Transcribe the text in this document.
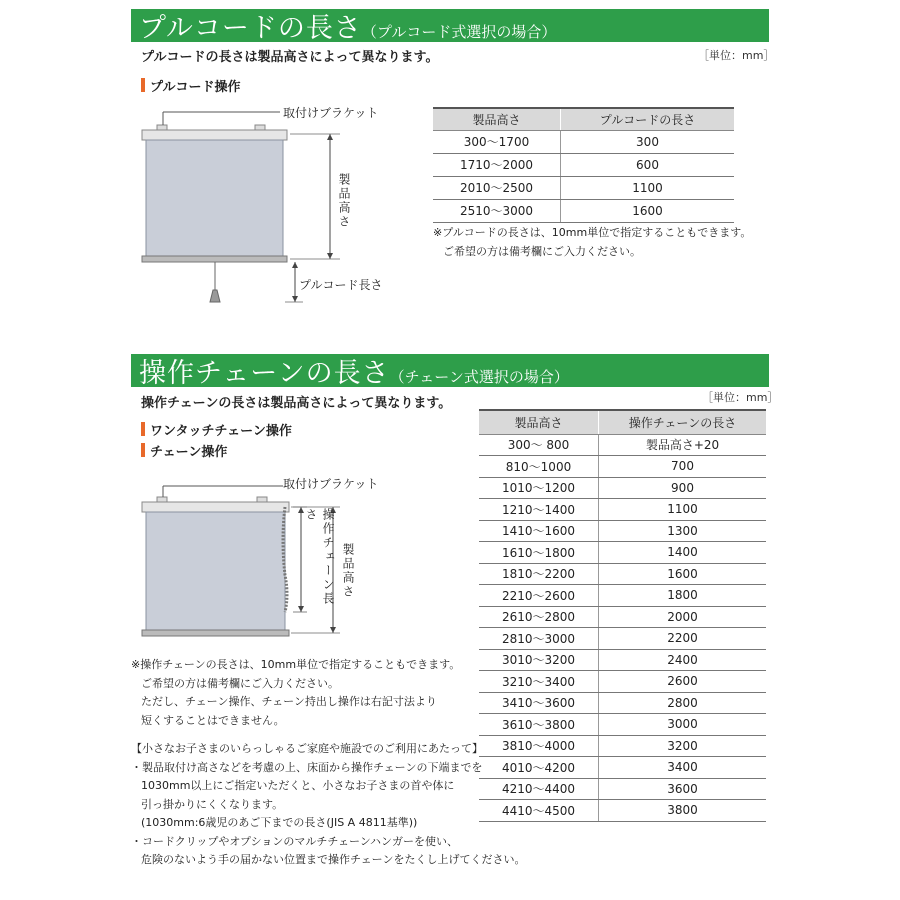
プルコードの長さ（プルコード式選択の場合）
プルコードの長さは製品高さによって異なります。	［単位：mm］
プルコード操作
取付けブラケット
製品高さ
プルコード長さ
製品高さ	プルコードの長さ
300～1700	300
1710～2000	600
2010～2500	1100
2510～3000	1600
※プルコードの長さは、10mm単位で指定することもできます。
ご希望の方は備考欄にご入力ください。
操作チェーンの長さ（チェーン式選択の場合）
［単位：mm］
操作チェーンの長さは製品高さによって異なります。
ワンタッチチェーン操作
チェーン操作
取付けブラケット
操作チェーン長さ
製品高さ
製品高さ	操作チェーンの長さ
300～ 800	製品高さ+20
810～1000	700
1010～1200	900
1210～1400	1100
1410～1600	1300
1610～1800	1400
1810～2200	1600
2210～2600	1800
2610～2800	2000
2810～3000	2200
3010～3200	2400
3210～3400	2600
3410～3600	2800
3610～3800	3000
3810～4000	3200
4010～4200	3400
4210～4400	3600
4410～4500	3800
※操作チェーンの長さは、10mm単位で指定することもできます。
ご希望の方は備考欄にご入力ください。
ただし、チェーン操作、チェーン持出し操作は右記寸法より
短くすることはできません。
【小さなお子さまのいらっしゃるご家庭や施設でのご利用にあたって】
・製品取付け高さなどを考慮の上、床面から操作チェーンの下端までを
1030mm以上にご指定いただくと、小さなお子さまの首や体に
引っ掛かりにくくなります。
(1030mm:6歳児のあご下までの長さ(JIS A 4811基準))
・コードクリップやオプションのマルチチェーンハンガーを使い、
危険のないよう手の届かない位置まで操作チェーンをたくし上げてください。
